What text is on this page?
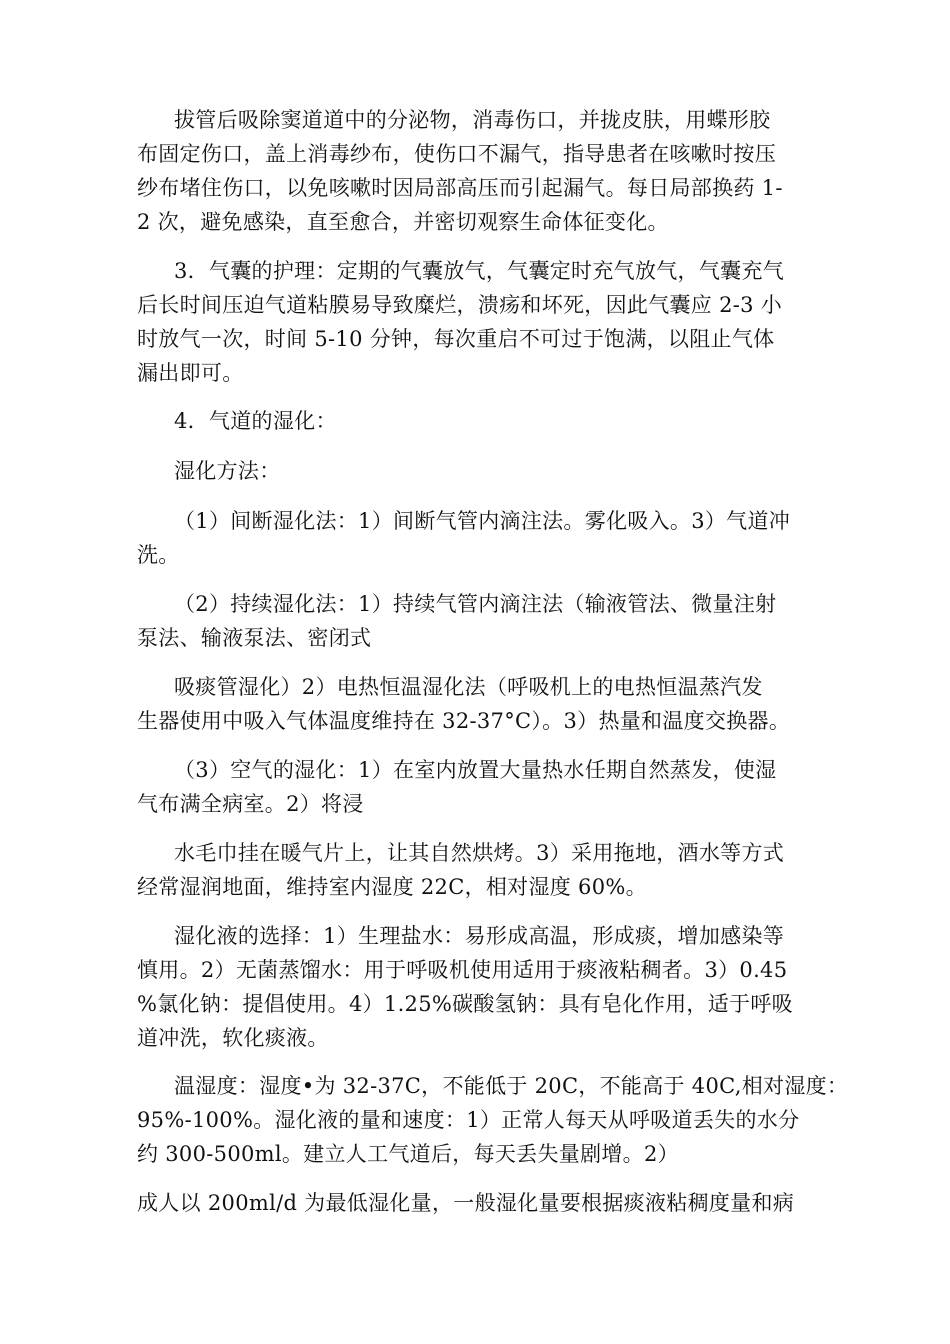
拔管后吸除窦道道中的分泌物，消毒伤口，并拢皮肤，用蝶形胶
布固定伤口，盖上消毒纱布，使伤口不漏气，指导患者在咳嗽时按压
纱布堵住伤口，以免咳嗽时因局部高压而引起漏气。每日局部换药 1-
2 次，避免感染，直至愈合，并密切观察生命体征变化。
3．气囊的护理：定期的气囊放气，气囊定时充气放气，气囊充气
后长时间压迫气道粘膜易导致糜烂，溃疡和坏死，因此气囊应 2-3 小
时放气一次，时间 5-10 分钟，每次重启不可过于饱满，以阻止气体
漏出即可。
4．气道的湿化：
湿化方法：
（1）间断湿化法：1）间断气管内滴注法。雾化吸入。3）气道冲
洗。
（2）持续湿化法：1）持续气管内滴注法（输液管法、微量注射
泵法、输液泵法、密闭式
吸痰管湿化）2）电热恒温湿化法（呼吸机上的电热恒温蒸汽发
生器使用中吸入气体温度维持在 32-37°C）。3）热量和温度交换器。
（3）空气的湿化：1）在室内放置大量热水任期自然蒸发，使湿
气布满全病室。2）将浸
水毛巾挂在暖气片上，让其自然烘烤。3）采用拖地，酒水等方式
经常湿润地面，维持室内湿度 22C，相对湿度 60%。
湿化液的选择：1）生理盐水：易形成高温，形成痰，增加感染等
慎用。2）无菌蒸馏水：用于呼吸机使用适用于痰液粘稠者。3）0.45
%氯化钠：提倡使用。4）1.25%碳酸氢钠：具有皂化作用，适于呼吸
道冲洗，软化痰液。
温湿度：湿度•为 32-37C，不能低于 20C，不能高于 40C,相对湿度：
95%-100%。湿化液的量和速度：1）正常人每天从呼吸道丢失的水分
约 300-500ml。建立人工气道后，每天丢失量剧增。2）
成人以 200ml/d 为最低湿化量，一般湿化量要根据痰液粘稠度量和病
